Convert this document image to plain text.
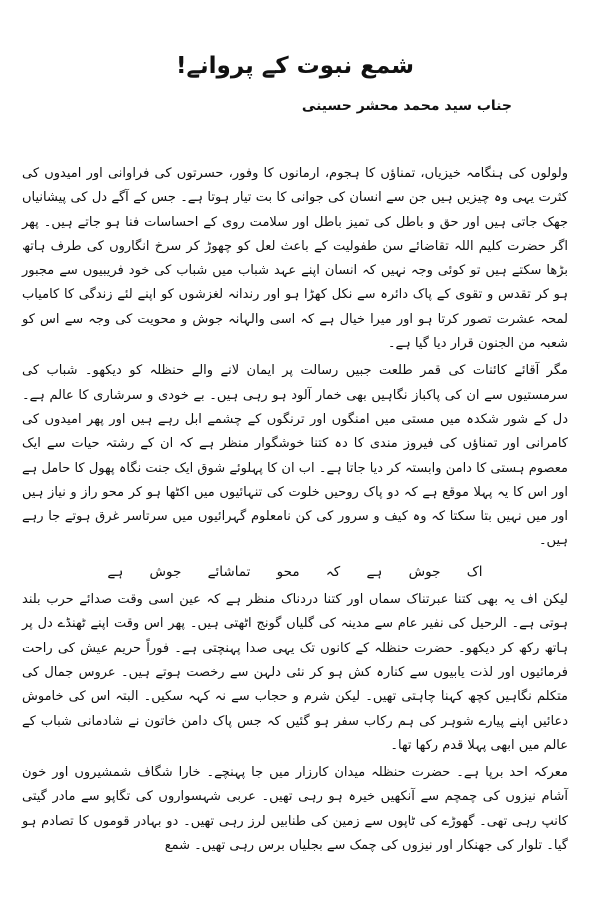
شمع نبوت کے پروانے!
جناب سید محمد محشر حسینی

ولولوں کی ہنگامہ خیزیاں، تمناؤں کا ہجوم، ارمانوں کا وفور، حسرتوں کی فراوانی اور امیدوں کی کثرت یہی وہ چیزیں ہیں جن سے انسان کی جوانی کا بت تیار ہوتا ہے۔ جس کے آگے دل کی پیشانیاں جھک جاتی ہیں اور حق و باطل کی تمیز باطل اور سلامت روی کے احساسات فنا ہو جاتے ہیں۔ پھر اگر حضرت کلیم اللہ تقاضائے سن طفولیت کے باعث لعل کو چھوڑ کر سرخ انگاروں کی طرف ہاتھ بڑھا سکتے ہیں تو کوئی وجہ نہیں کہ انسان اپنے عہد شباب میں شباب کی خود فریبیوں سے مجبور ہو کر تقدس و تقوی کے پاک دائرہ سے نکل کھڑا ہو اور رندانہ لغزشوں کو اپنے لئے زندگی کا کامیاب لمحہ عشرت تصور کرتا ہو اور میرا خیال ہے کہ اسی والہانہ جوش و محویت کی وجہ سے اس کو شعبہ من الجنون قرار دیا گیا ہے۔

مگر آقائے کائنات کی قمر طلعت جبیں رسالت پر ایمان لانے والے حنظلہ کو دیکھو۔ شباب کی سرمستیوں سے ان کی پاکباز نگاہیں بھی خمار آلود ہو رہی ہیں۔ بے خودی و سرشاری کا عالم ہے۔ دل کے شور شکدہ میں مستی میں امنگوں اور ترنگوں کے چشمے ابل رہے ہیں اور پھر امیدوں کی کامرانی اور تمناؤں کی فیروز مندی کا دہ کتنا خوشگوار منظر ہے کہ ان کے رشتہ حیات سے ایک معصوم ہستی کا دامن وابستہ کر دیا جاتا ہے۔ اب ان کا پہلوئے شوق ایک جنت نگاہ پھول کا حامل ہے اور اس کا یہ پہلا موقع ہے کہ دو پاک روحیں خلوت کی تنہائیوں میں اکٹھا ہو کر محو راز و نیاز ہیں اور میں نہیں بتا سکتا کہ وہ کیف و سرور کی کن نامعلوم گہرائیوں میں سرتاسر غرق ہوتے جا رہے ہیں۔

اک جوش ہے کہ محو تماشائے جوش ہے

لیکن اف یہ بھی کتنا عبرتناک سماں اور کتنا دردناک منظر ہے کہ عین اسی وقت صدائے حرب بلند ہوتی ہے۔ الرحیل کی نفیر عام سے مدینہ کی گلیاں گونج اٹھتی ہیں۔ پھر اس وقت اپنے ٹھنڈے دل پر ہاتھ رکھ کر دیکھو۔ حضرت حنظلہ کے کانوں تک یہی صدا پہنچتی ہے۔ فوراً حریم عیش کی راحت فرمائیوں اور لذت یابیوں سے کنارہ کش ہو کر نئی دلہن سے رخصت ہوتے ہیں۔ عروس جمال کی متکلم نگاہیں کچھ کہنا چاہتی تھیں۔ لیکن شرم و حجاب سے نہ کہہ سکیں۔ البتہ اس کی خاموش دعائیں اپنے پیارے شوہر کی ہم رکاب سفر ہو گئیں کہ جس پاک دامن خاتون نے شادمانی شباب کے عالم میں ابھی پہلا قدم رکھا تھا۔

معرکہ احد برپا ہے۔ حضرت حنظلہ میدان کارزار میں جا پہنچے۔ خارا شگاف شمشیروں اور خون آشام نیزوں کی چمچم سے آنکھیں خیرہ ہو رہی تھیں۔ عربی شہسواروں کی تگاپو سے مادر گیتی کانپ رہی تھی۔ گھوڑے کی ٹاپوں سے زمین کی طنابیں لرز رہی تھیں۔ دو بہادر قوموں کا تصادم ہو گیا۔ تلوار کی جھنکار اور نیزوں کی چمک سے بجلیاں برس رہی تھیں۔ شمع
